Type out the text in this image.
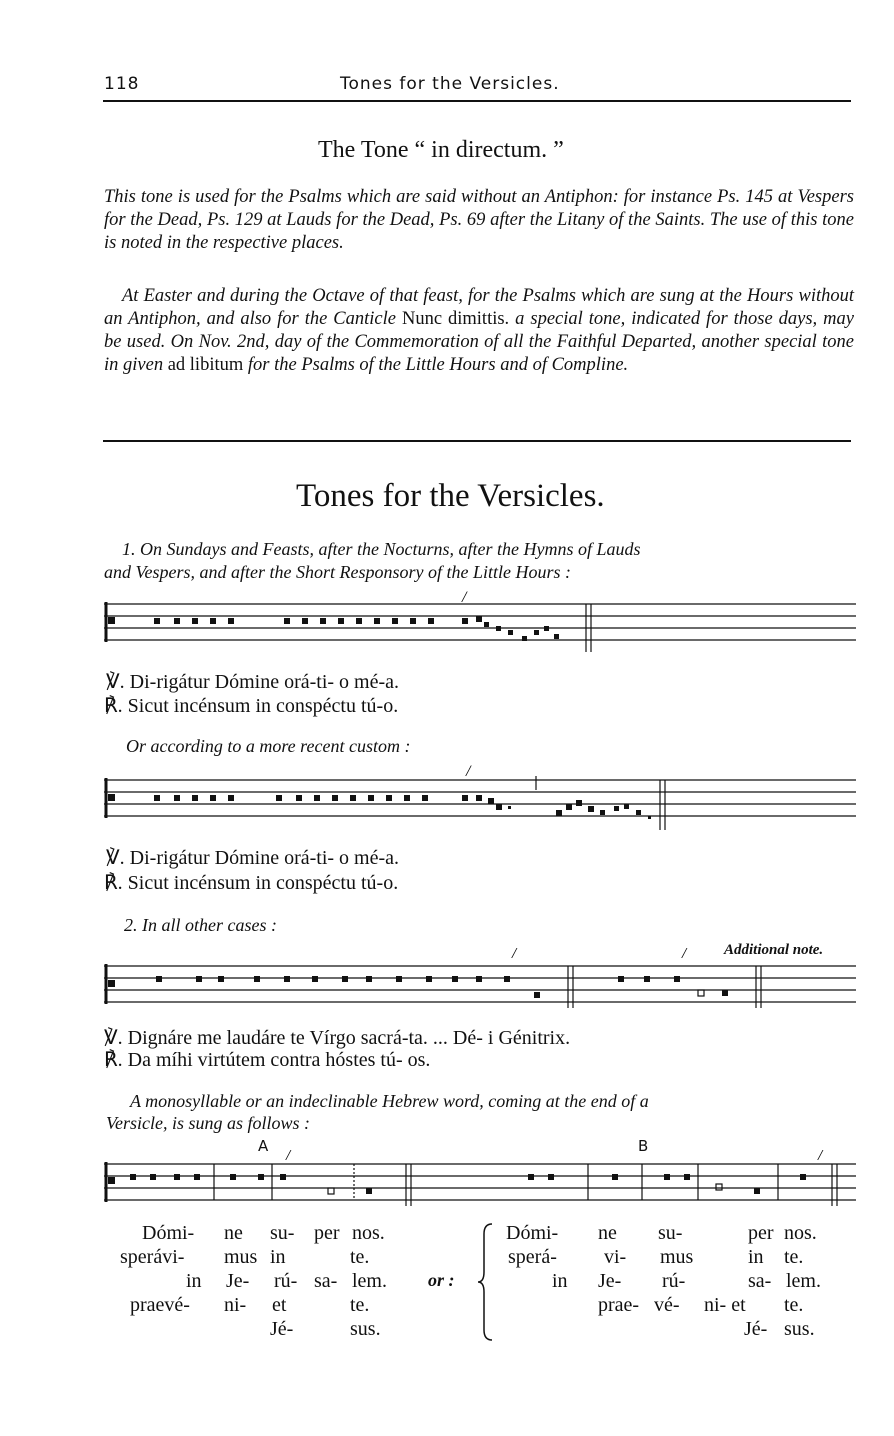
118	Tones for the Versicles.
The Tone “ in directum. ”
This tone is used for the Psalms which are said without an Antiphon: for instance Ps. 145 at Vespers for the Dead, Ps. 129 at Lauds for the Dead, Ps. 69 after the Litany of the Saints. The use of this tone is noted in the respective places.
At Easter and during the Octave of that feast, for the Psalms which are sung at the Hours without an Antiphon, and also for the Canticle Nunc dimittis. a special tone, indicated for those days, may be used. On Nov. 2nd, day of the Commemoration of all the Faithful Departed, another special tone in given ad libitum for the Psalms of the Little Hours and of Compline.
Tones for the Versicles.
1. On Sundays and Feasts, after the Nocturns, after the Hymns of Lauds
and Vespers, and after the Short Responsory of the Little Hours :
/
℣. Di-rigátur Dómine orá-ti- o mé-a.
℟. Sicut incénsum in conspéctu tú-o.
Or according to a more recent custom :
/
℣. Di-rigátur Dómine orá-ti- o mé-a.
℟. Sicut incénsum in conspéctu tú-o.
2. In all other cases :
Additional note.
/	/
℣. Dignáre me laudáre te Vírgo sacrá-ta. ... Dé- i Génitrix.
℟. Da míhi virtútem contra hóstes tú- os.
A monosyllable or an indeclinable Hebrew word, coming at the end of a
Versicle, is sung as follows :
A	B
/	/
Dómi- ne su- per nos.
sperávi- mus in	te.
in Je- rú- sa- lem.
praevé- ni- et	te.
Jé-	sus.
or :
Dómi- ne su-	per nos.
sperá- vi- mus	in te.
in Je- rú-	sa- lem.
prae- vé- ni- et te.
Jé- sus.
